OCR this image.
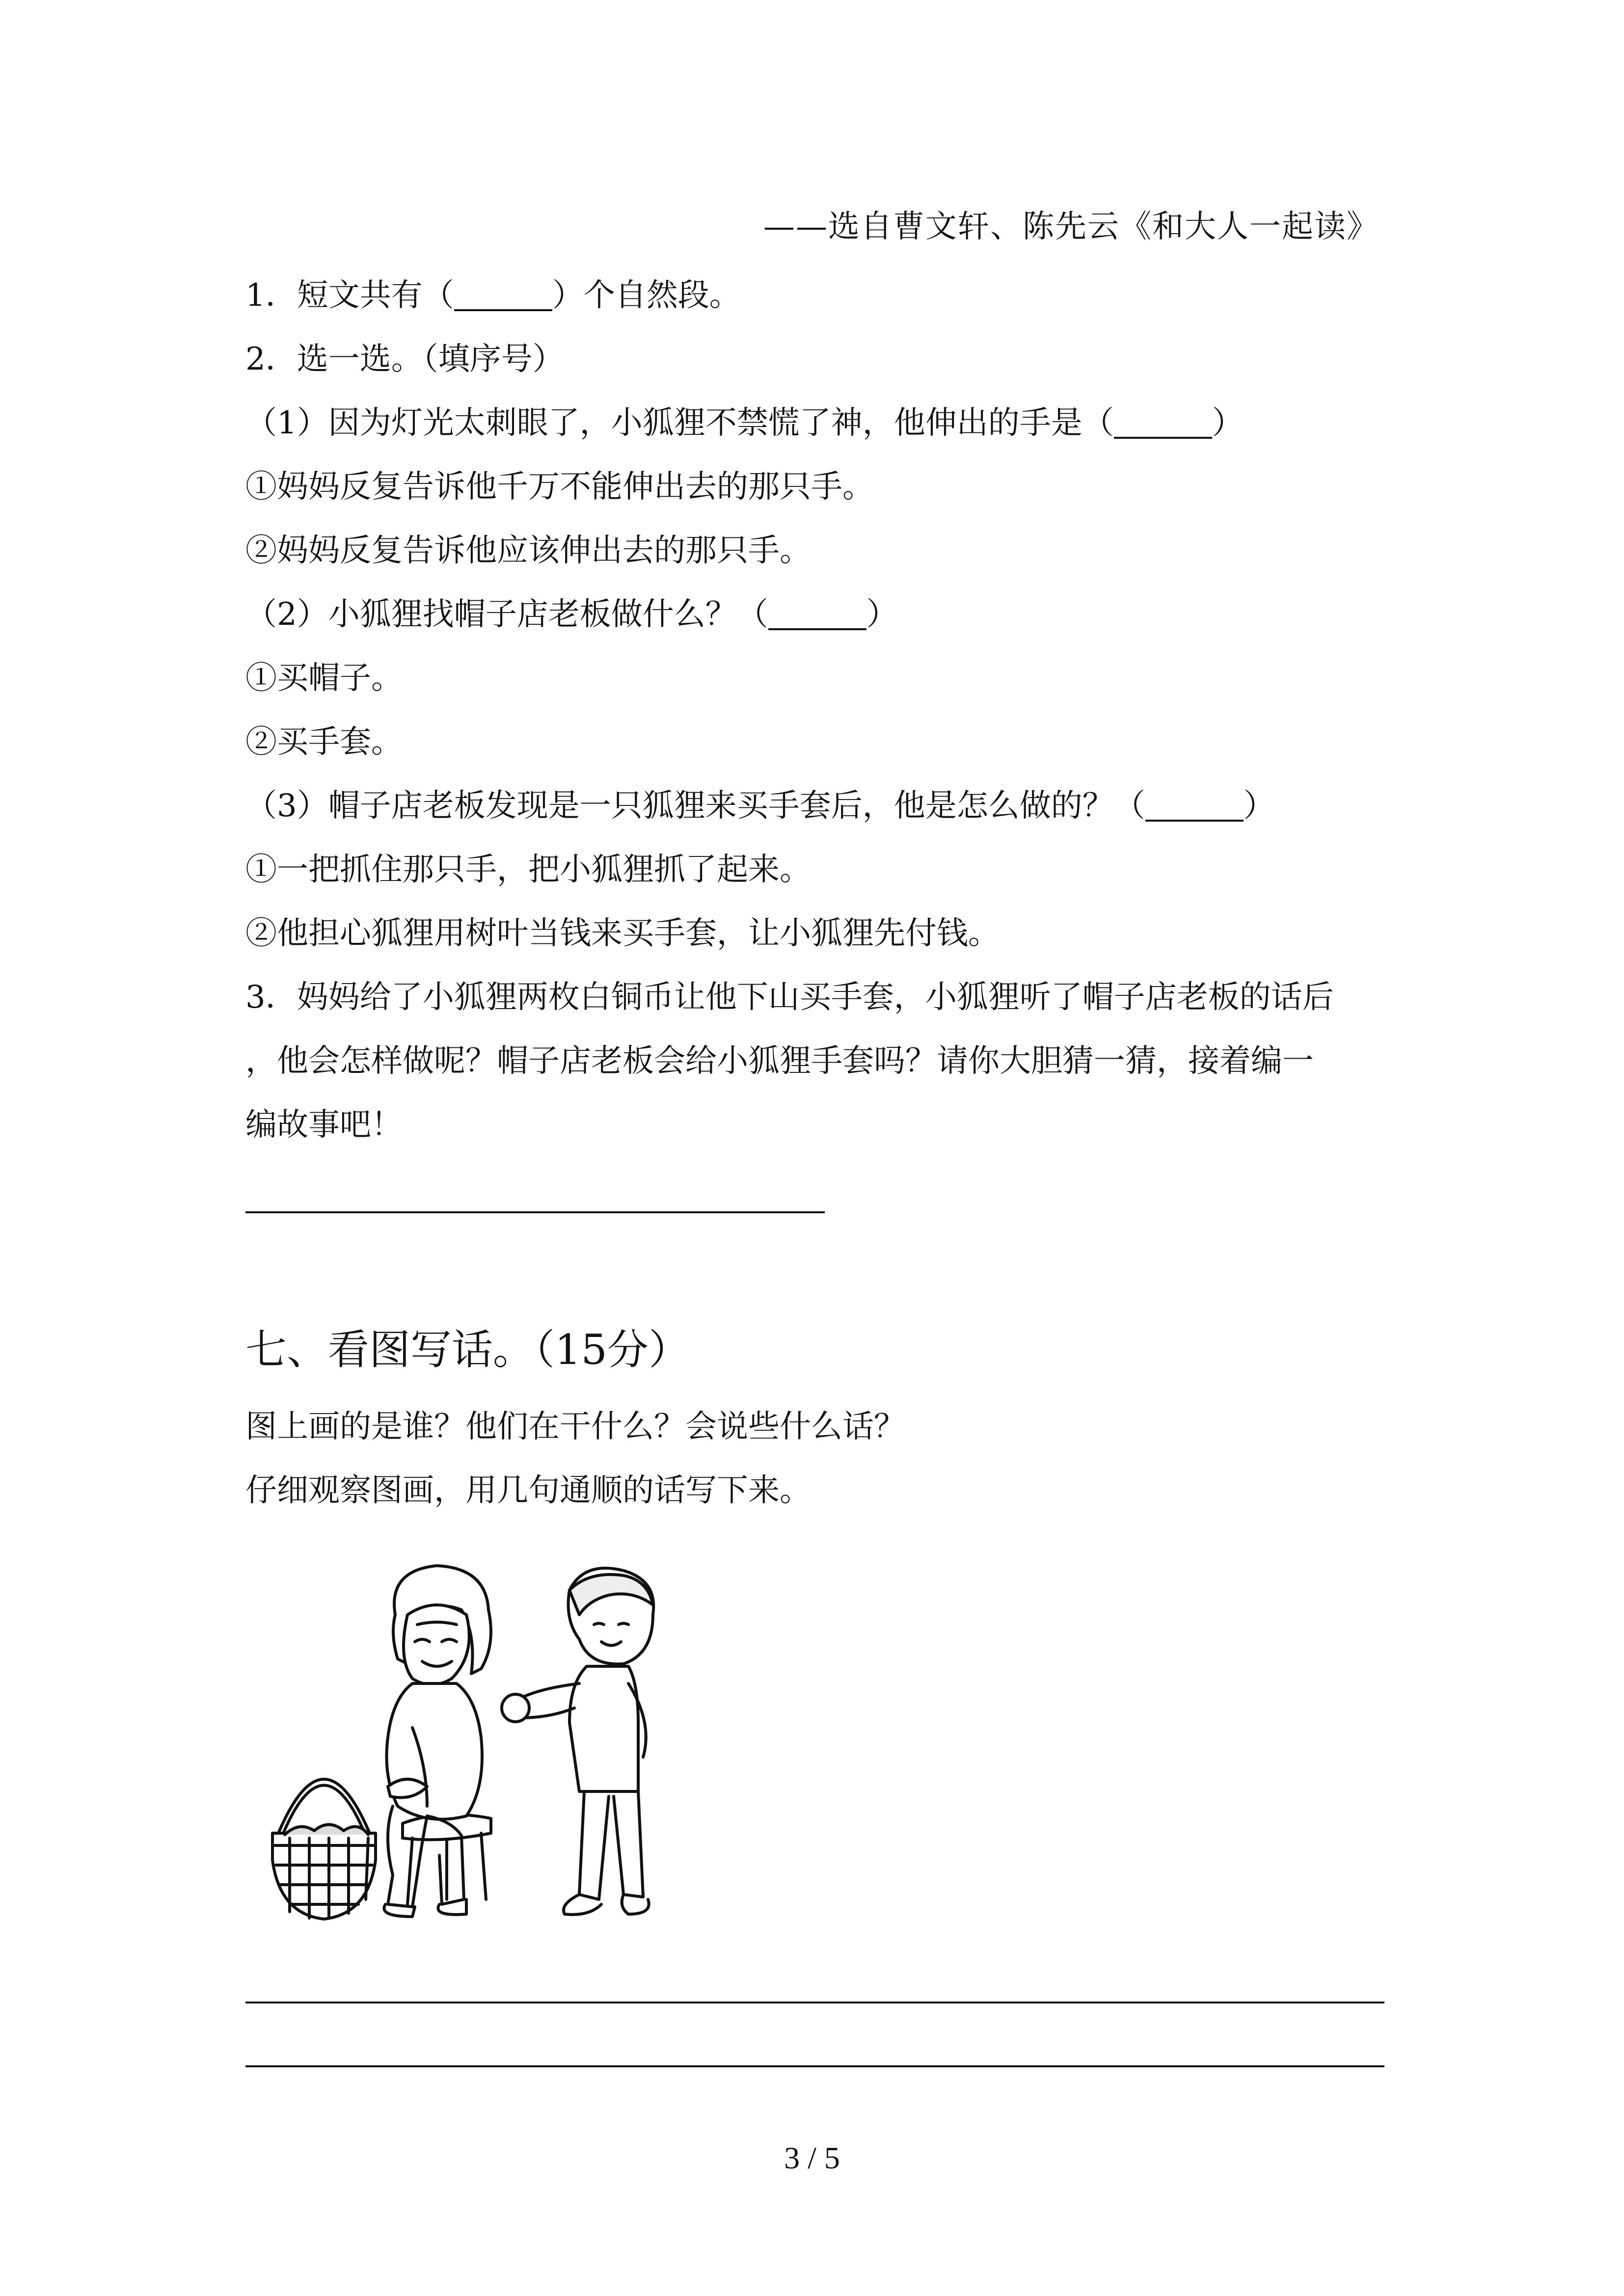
——选自曹文轩、陈先云《和大人一起读》
1．短文共有（	）个自然段。
2．选一选。（填序号）
（1）因为灯光太刺眼了，小狐狸不禁慌了神，他伸出的手是（	）
①妈妈反复告诉他千万不能伸出去的那只手。
②妈妈反复告诉他应该伸出去的那只手。
（2）小狐狸找帽子店老板做什么？（	）
①买帽子。
②买手套。
（3）帽子店老板发现是一只狐狸来买手套后，他是怎么做的？（	）
①一把抓住那只手，把小狐狸抓了起来。
②他担心狐狸用树叶当钱来买手套，让小狐狸先付钱。
3．妈妈给了小狐狸两枚白铜币让他下山买手套，小狐狸听了帽子店老板的话后
，他会怎样做呢？帽子店老板会给小狐狸手套吗？请你大胆猜一猜，接着编一
编故事吧！
七、看图写话。（15分）
图上画的是谁？他们在干什么？会说些什么话？
仔细观察图画，用几句通顺的话写下来。
3 / 5
